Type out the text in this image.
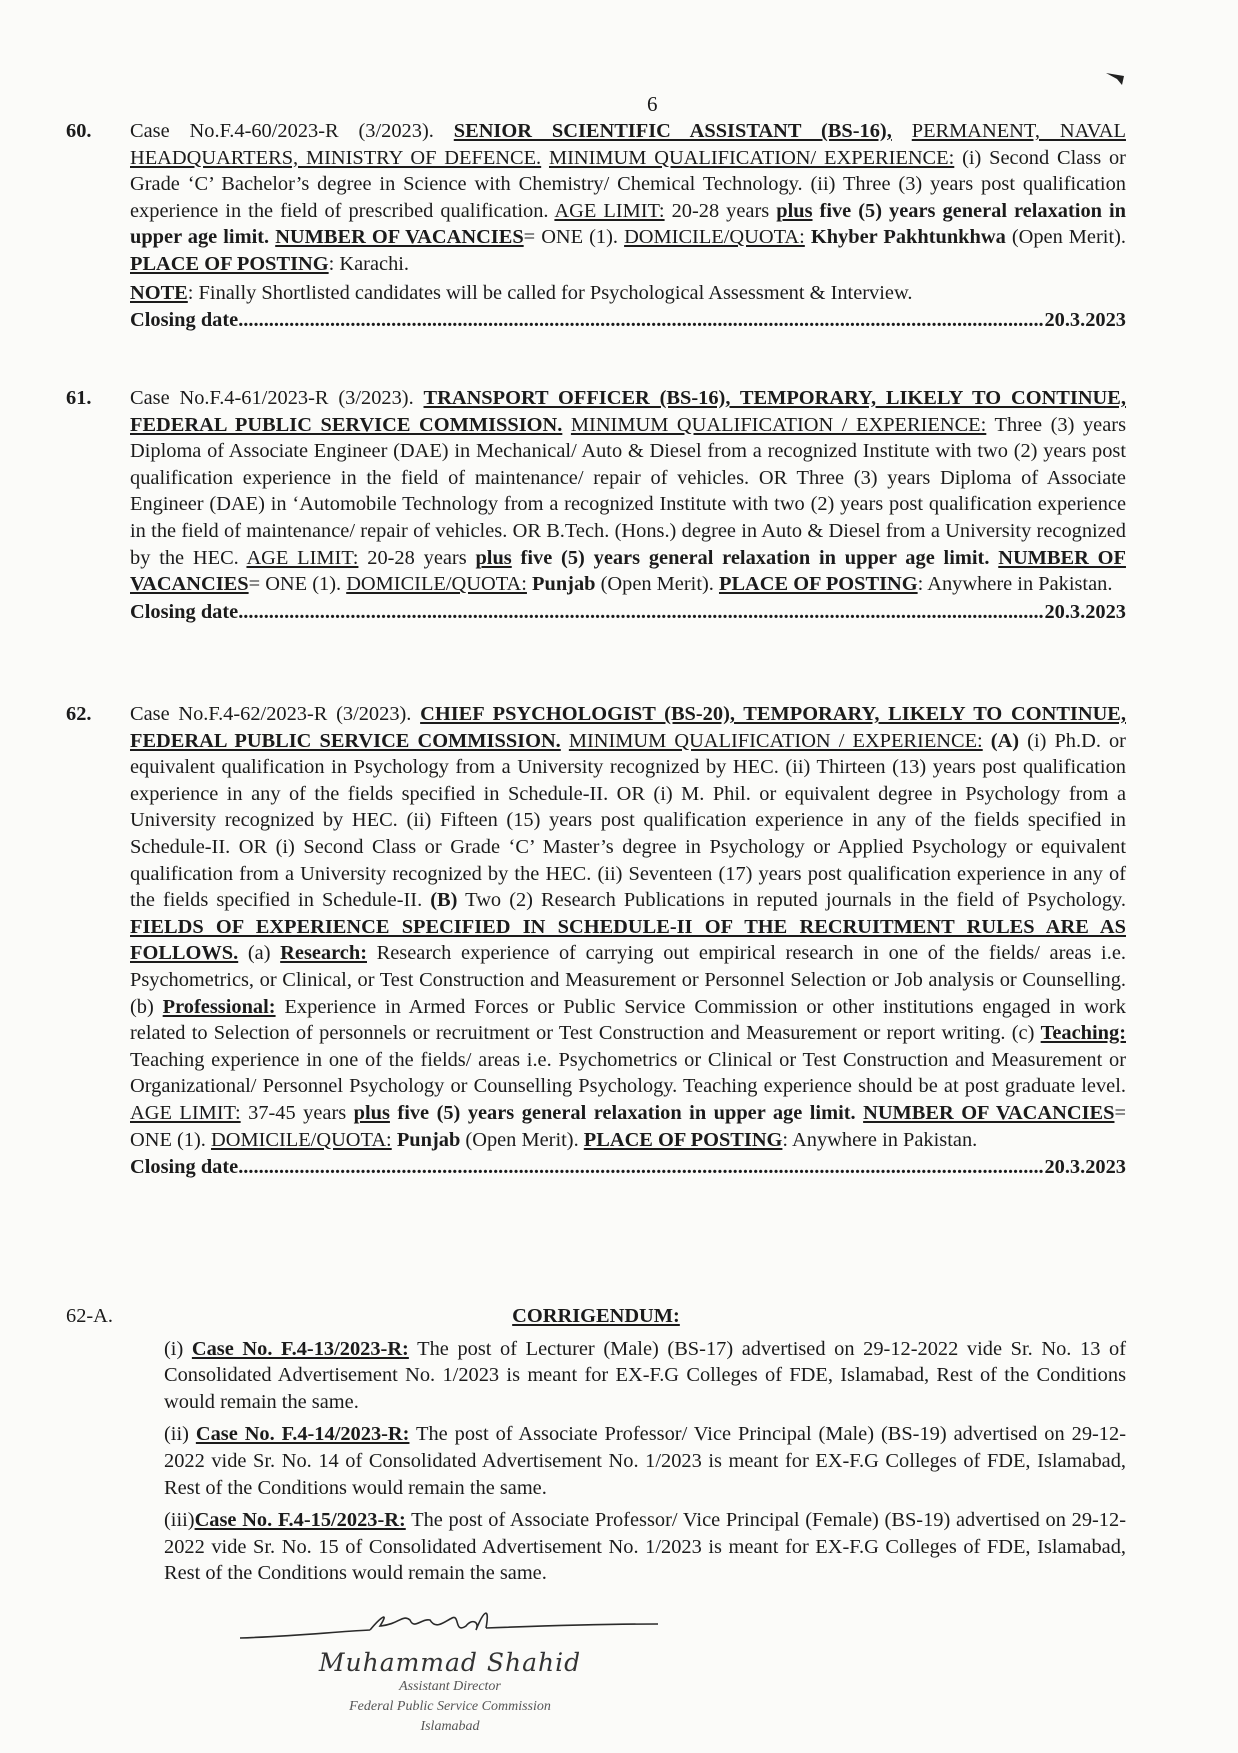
6
60. Case No.F.4-60/2023-R (3/2023). SENIOR SCIENTIFIC ASSISTANT (BS-16), PERMANENT, NAVAL HEADQUARTERS, MINISTRY OF DEFENCE. MINIMUM QUALIFICATION/ EXPERIENCE: (i) Second Class or Grade ‘C’ Bachelor’s degree in Science with Chemistry/ Chemical Technology. (ii) Three (3) years post qualification experience in the field of prescribed qualification. AGE LIMIT: 20-28 years plus five (5) years general relaxation in upper age limit. NUMBER OF VACANCIES= ONE (1). DOMICILE/QUOTA: Khyber Pakhtunkhwa (Open Merit). PLACE OF POSTING: Karachi.
NOTE: Finally Shortlisted candidates will be called for Psychological Assessment & Interview.
Closing date .....	20.3.2023
61. Case No.F.4-61/2023-R (3/2023). TRANSPORT OFFICER (BS-16), TEMPORARY, LIKELY TO CONTINUE, FEDERAL PUBLIC SERVICE COMMISSION. MINIMUM QUALIFICATION / EXPERIENCE: Three (3) years Diploma of Associate Engineer (DAE) in Mechanical/ Auto & Diesel from a recognized Institute with two (2) years post qualification experience in the field of maintenance/ repair of vehicles. OR Three (3) years Diploma of Associate Engineer (DAE) in ‘Automobile Technology from a recognized Institute with two (2) years post qualification experience in the field of maintenance/ repair of vehicles. OR B.Tech. (Hons.) degree in Auto & Diesel from a University recognized by the HEC. AGE LIMIT: 20-28 years plus five (5) years general relaxation in upper age limit. NUMBER OF VACANCIES= ONE (1). DOMICILE/QUOTA: Punjab (Open Merit). PLACE OF POSTING: Anywhere in Pakistan.
Closing date .....	20.3.2023
62. Case No.F.4-62/2023-R (3/2023). CHIEF PSYCHOLOGIST (BS-20), TEMPORARY, LIKELY TO CONTINUE, FEDERAL PUBLIC SERVICE COMMISSION. MINIMUM QUALIFICATION / EXPERIENCE: (A) (i) Ph.D. or equivalent qualification in Psychology from a University recognized by HEC. (ii) Thirteen (13) years post qualification experience in any of the fields specified in Schedule-II. OR (i) M. Phil. or equivalent degree in Psychology from a University recognized by HEC. (ii) Fifteen (15) years post qualification experience in any of the fields specified in Schedule-II. OR (i) Second Class or Grade ‘C’ Master’s degree in Psychology or Applied Psychology or equivalent qualification from a University recognized by the HEC. (ii) Seventeen (17) years post qualification experience in any of the fields specified in Schedule-II. (B) Two (2) Research Publications in reputed journals in the field of Psychology. FIELDS OF EXPERIENCE SPECIFIED IN SCHEDULE-II OF THE RECRUITMENT RULES ARE AS FOLLOWS. (a) Research: Research experience of carrying out empirical research in one of the fields/ areas i.e. Psychometrics, or Clinical, or Test Construction and Measurement or Personnel Selection or Job analysis or Counselling. (b) Professional: Experience in Armed Forces or Public Service Commission or other institutions engaged in work related to Selection of personnels or recruitment or Test Construction and Measurement or report writing. (c) Teaching: Teaching experience in one of the fields/ areas i.e. Psychometrics or Clinical or Test Construction and Measurement or Organizational/ Personnel Psychology or Counselling Psychology. Teaching experience should be at post graduate level. AGE LIMIT: 37-45 years plus five (5) years general relaxation in upper age limit. NUMBER OF VACANCIES= ONE (1). DOMICILE/QUOTA: Punjab (Open Merit). PLACE OF POSTING: Anywhere in Pakistan.
Closing date .....	20.3.2023
62-A.	CORRIGENDUM:
(i) Case No. F.4-13/2023-R: The post of Lecturer (Male) (BS-17) advertised on 29-12-2022 vide Sr. No. 13 of Consolidated Advertisement No. 1/2023 is meant for EX-F.G Colleges of FDE, Islamabad, Rest of the Conditions would remain the same.
(ii) Case No. F.4-14/2023-R: The post of Associate Professor/ Vice Principal (Male) (BS-19) advertised on 29-12-2022 vide Sr. No. 14 of Consolidated Advertisement No. 1/2023 is meant for EX-F.G Colleges of FDE, Islamabad, Rest of the Conditions would remain the same.
(iii)Case No. F.4-15/2023-R: The post of Associate Professor/ Vice Principal (Female) (BS-19) advertised on 29-12-2022 vide Sr. No. 15 of Consolidated Advertisement No. 1/2023 is meant for EX-F.G Colleges of FDE, Islamabad, Rest of the Conditions would remain the same.
Muhammad Shahid
Assistant Director
Federal Public Service Commission
Islamabad
